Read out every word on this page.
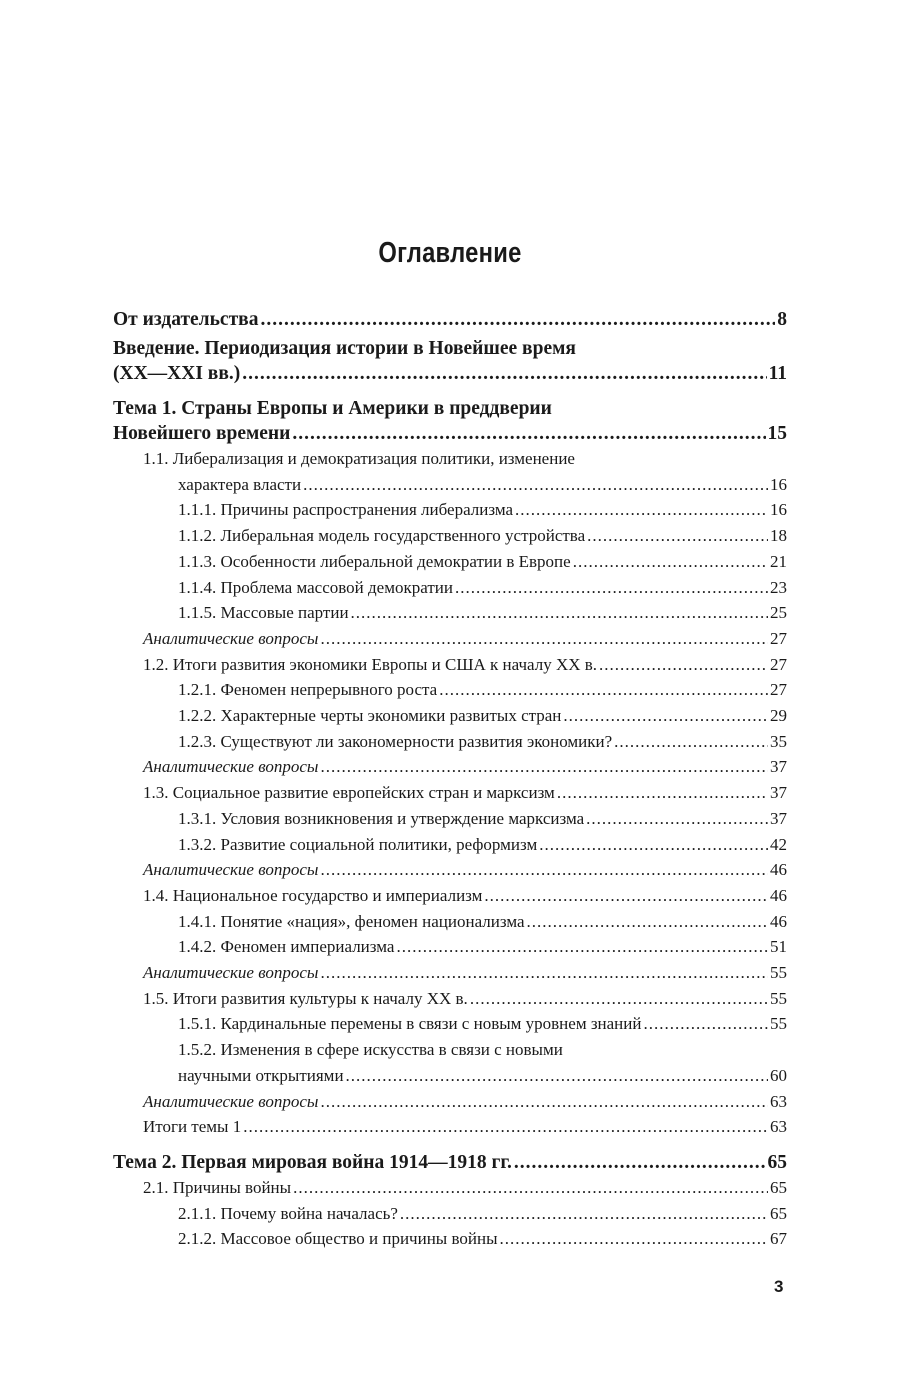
Оглавление
От издательства .....	8
Введение. Периодизация истории в Новейшее время
(XX—XXI вв.) .....	11
Тема 1. Страны Европы и Америки в преддверии
Новейшего времени .....	15
1.1. Либерализация и демократизация политики, изменение
характера власти .....	16
1.1.1. Причины распространения либерализма .....	16
1.1.2. Либеральная модель государственного устройства .....	18
1.1.3. Особенности либеральной демократии в Европе .....	21
1.1.4. Проблема массовой демократии .....	23
1.1.5. Массовые партии .....	25
Аналитические вопросы .....	27
1.2. Итоги развития экономики Европы и США к началу XX в. .....	27
1.2.1. Феномен непрерывного роста .....	27
1.2.2. Характерные черты экономики развитых стран .....	29
1.2.3. Существуют ли закономерности развития экономики? .....	35
Аналитические вопросы .....	37
1.3. Социальное развитие европейских стран и марксизм .....	37
1.3.1. Условия возникновения и утверждение марксизма .....	37
1.3.2. Развитие социальной политики, реформизм .....	42
Аналитические вопросы .....	46
1.4. Национальное государство и империализм .....	46
1.4.1. Понятие «нация», феномен национализма .....	46
1.4.2. Феномен империализма .....	51
Аналитические вопросы .....	55
1.5. Итоги развития культуры к началу XX в. .....	55
1.5.1. Кардинальные перемены в связи с новым уровнем знаний .....	55
1.5.2. Изменения в сфере искусства в связи с новыми
научными открытиями .....	60
Аналитические вопросы .....	63
Итоги темы 1 .....	63
Тема 2. Первая мировая война 1914—1918 гг. .....	65
2.1. Причины войны .....	65
2.1.1. Почему война началась? .....	65
2.1.2. Массовое общество и причины войны .....	67
3
